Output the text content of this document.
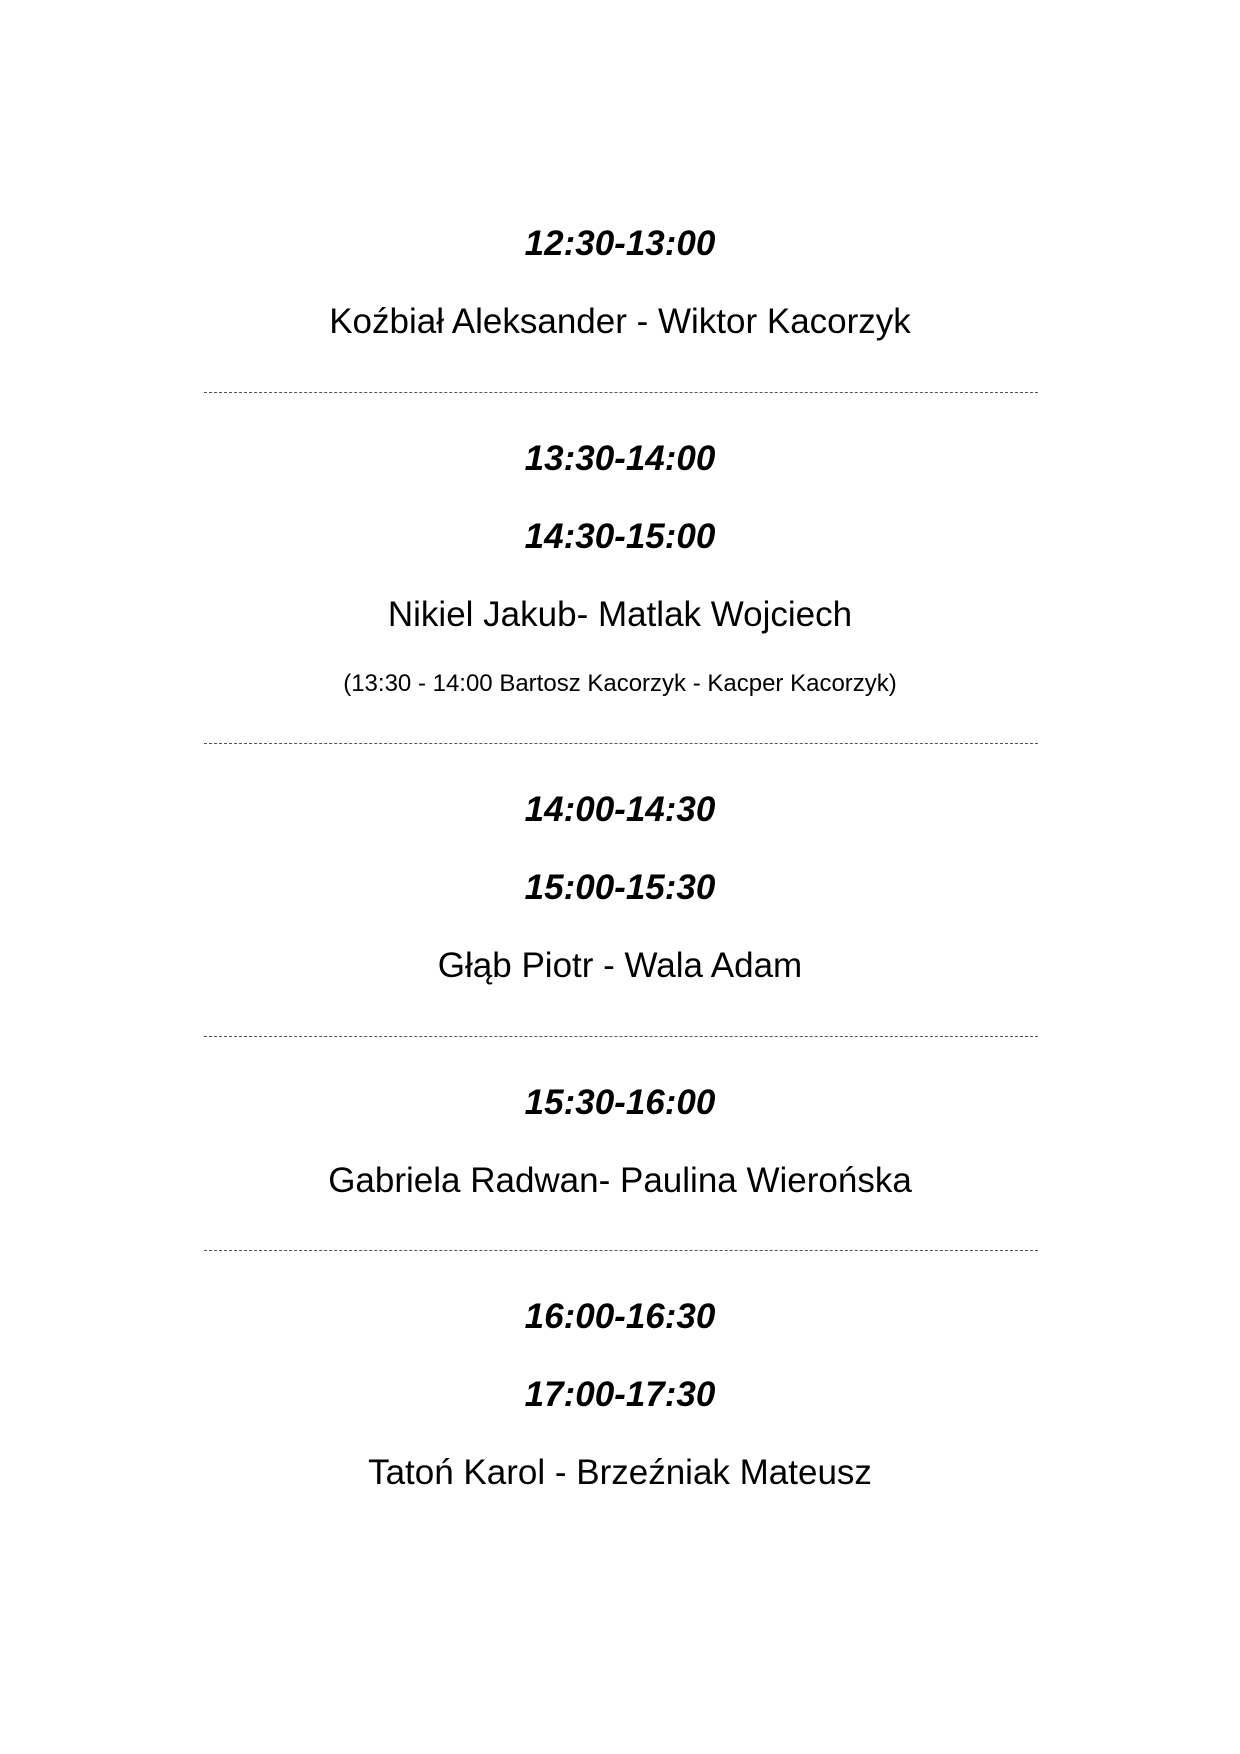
12:30-13:00
Koźbiał Aleksander - Wiktor Kacorzyk
13:30-14:00
14:30-15:00
Nikiel Jakub- Matlak Wojciech
(13:30 - 14:00 Bartosz Kacorzyk - Kacper Kacorzyk)
14:00-14:30
15:00-15:30
Głąb Piotr - Wala Adam
15:30-16:00
Gabriela Radwan- Paulina Wierońska
16:00-16:30
17:00-17:30
Tatoń Karol - Brzeźniak Mateusz
